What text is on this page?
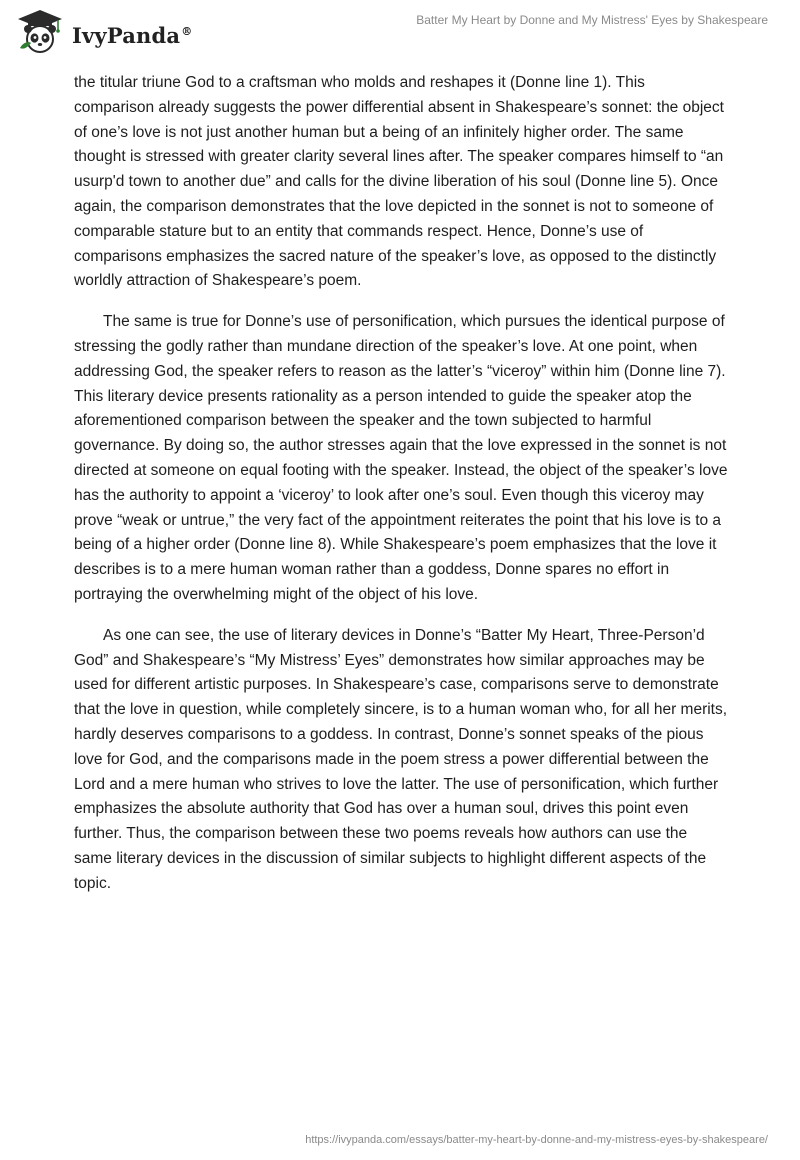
IvyPanda®
Batter My Heart by Donne and My Mistress' Eyes by Shakespeare

the titular triune God to a craftsman who molds and reshapes it (Donne line 1). This comparison already suggests the power differential absent in Shakespeare’s sonnet: the object of one’s love is not just another human but a being of an infinitely higher order. The same thought is stressed with greater clarity several lines after. The speaker compares himself to “an usurp'd town to another due” and calls for the divine liberation of his soul (Donne line 5). Once again, the comparison demonstrates that the love depicted in the sonnet is not to someone of comparable stature but to an entity that commands respect. Hence, Donne’s use of comparisons emphasizes the sacred nature of the speaker’s love, as opposed to the distinctly worldly attraction of Shakespeare’s poem.

The same is true for Donne’s use of personification, which pursues the identical purpose of stressing the godly rather than mundane direction of the speaker’s love. At one point, when addressing God, the speaker refers to reason as the latter’s “viceroy” within him (Donne line 7). This literary device presents rationality as a person intended to guide the speaker atop the aforementioned comparison between the speaker and the town subjected to harmful governance. By doing so, the author stresses again that the love expressed in the sonnet is not directed at someone on equal footing with the speaker. Instead, the object of the speaker’s love has the authority to appoint a ‘viceroy’ to look after one’s soul. Even though this viceroy may prove “weak or untrue,” the very fact of the appointment reiterates the point that his love is to a being of a higher order (Donne line 8). While Shakespeare’s poem emphasizes that the love it describes is to a mere human woman rather than a goddess, Donne spares no effort in portraying the overwhelming might of the object of his love.

As one can see, the use of literary devices in Donne’s “Batter My Heart, Three-Person’d God” and Shakespeare’s “My Mistress’ Eyes” demonstrates how similar approaches may be used for different artistic purposes. In Shakespeare’s case, comparisons serve to demonstrate that the love in question, while completely sincere, is to a human woman who, for all her merits, hardly deserves comparisons to a goddess. In contrast, Donne’s sonnet speaks of the pious love for God, and the comparisons made in the poem stress a power differential between the Lord and a mere human who strives to love the latter. The use of personification, which further emphasizes the absolute authority that God has over a human soul, drives this point even further. Thus, the comparison between these two poems reveals how authors can use the same literary devices in the discussion of similar subjects to highlight different aspects of the topic.

https://ivypanda.com/essays/batter-my-heart-by-donne-and-my-mistress-eyes-by-shakespeare/
